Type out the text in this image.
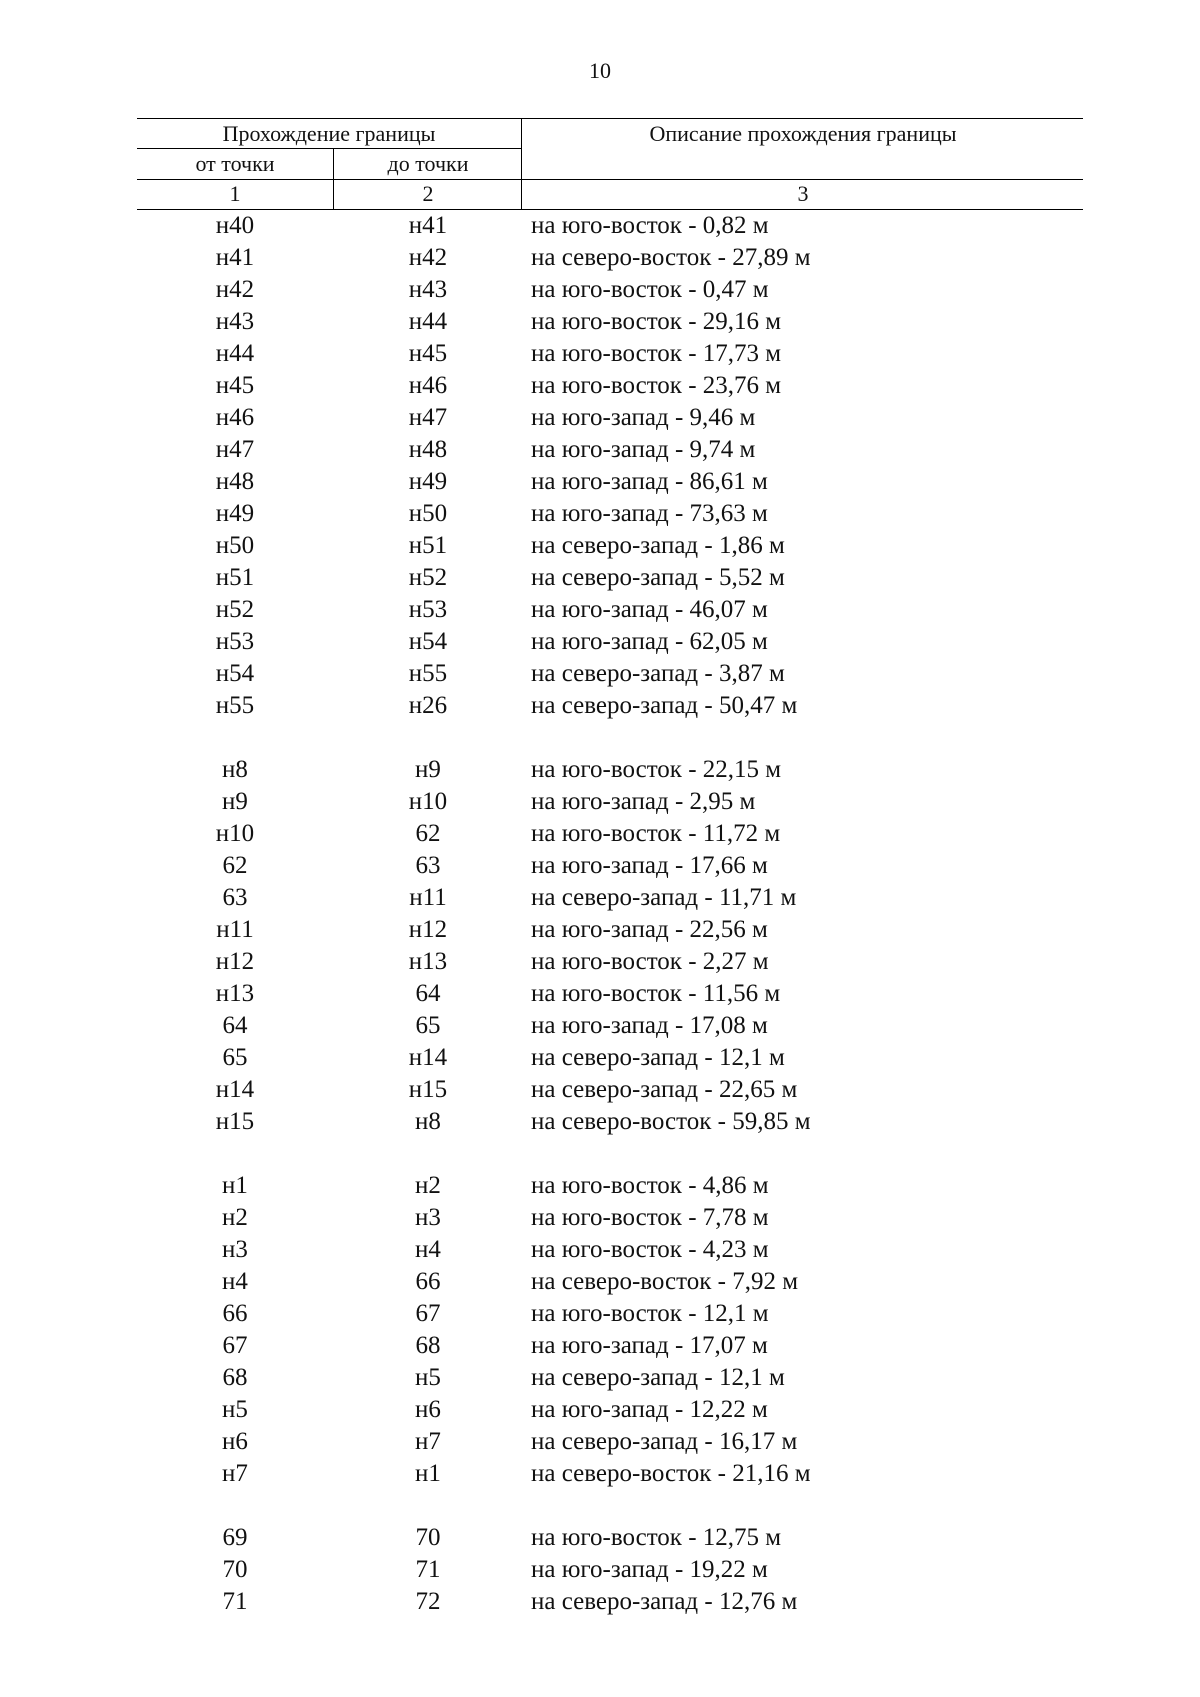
10
Прохождение границы	Описание прохождения границы
от точки	до точки
1	2	3
н40	н41	на юго-восток - 0,82 м
н41	н42	на северо-восток - 27,89 м
н42	н43	на юго-восток - 0,47 м
н43	н44	на юго-восток - 29,16 м
н44	н45	на юго-восток - 17,73 м
н45	н46	на юго-восток - 23,76 м
н46	н47	на юго-запад - 9,46 м
н47	н48	на юго-запад - 9,74 м
н48	н49	на юго-запад - 86,61 м
н49	н50	на юго-запад - 73,63 м
н50	н51	на северо-запад - 1,86 м
н51	н52	на северо-запад - 5,52 м
н52	н53	на юго-запад - 46,07 м
н53	н54	на юго-запад - 62,05 м
н54	н55	на северо-запад - 3,87 м
н55	н26	на северо-запад - 50,47 м
н8	н9	на юго-восток - 22,15 м
н9	н10	на юго-запад - 2,95 м
н10	62	на юго-восток - 11,72 м
62	63	на юго-запад - 17,66 м
63	н11	на северо-запад - 11,71 м
н11	н12	на юго-запад - 22,56 м
н12	н13	на юго-восток - 2,27 м
н13	64	на юго-восток - 11,56 м
64	65	на юго-запад - 17,08 м
65	н14	на северо-запад - 12,1 м
н14	н15	на северо-запад - 22,65 м
н15	н8	на северо-восток - 59,85 м
н1	н2	на юго-восток - 4,86 м
н2	н3	на юго-восток - 7,78 м
н3	н4	на юго-восток - 4,23 м
н4	66	на северо-восток - 7,92 м
66	67	на юго-восток - 12,1 м
67	68	на юго-запад - 17,07 м
68	н5	на северо-запад - 12,1 м
н5	н6	на юго-запад - 12,22 м
н6	н7	на северо-запад - 16,17 м
н7	н1	на северо-восток - 21,16 м
69	70	на юго-восток - 12,75 м
70	71	на юго-запад - 19,22 м
71	72	на северо-запад - 12,76 м
